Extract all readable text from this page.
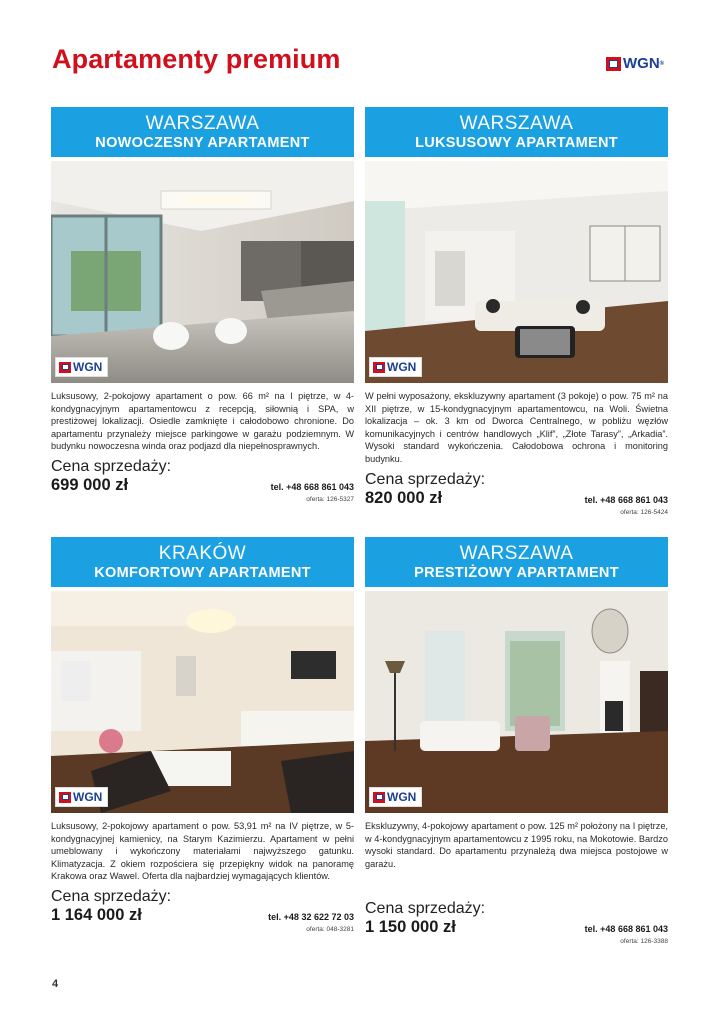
Apartamenty premium	WGN ®
WARSZAWA
NOWOCZESNY APARTAMENT
WGN

Luksusowy, 2-pokojowy apartament o pow. 66 m² na I piętrze, w 4-kondygnacyjnym apartamentowcu z recepcją, siłownią i SPA, w prestiżowej lokalizacji. Osiedle zamknięte i całodobowo chronione. Do apartamentu przynależy miejsce parkingowe w garażu podziemnym. W budynku nowoczesna winda oraz podjazd dla niepełnosprawnych.

Cena sprzedaży:
699 000 zł	tel. +48 668 861 043
oferta: 126-5327
WARSZAWA
LUKSUSOWY APARTAMENT
WGN

W pełni wyposażony, ekskluzywny apartament (3 pokoje) o pow. 75 m² na XII piętrze, w 15-kondygnacyjnym apartamentowcu, na Woli. Świetna lokalizacja – ok. 3 km od Dworca Centralnego, w pobliżu węzłów komunikacyjnych i centrów handlowych „Klif”, „Złote Tarasy”, „Arkadia”. Wysoki standard wykończenia. Całodobowa ochrona i monitoring budynku.

Cena sprzedaży:
820 000 zł	tel. +48 668 861 043
oferta: 126-5424
KRAKÓW
KOMFORTOWY APARTAMENT
WGN

Luksusowy, 2-pokojowy apartament o pow. 53,91 m² na IV piętrze, w 5-kondygnacyjnej kamienicy, na Starym Kazimierzu. Apartament w pełni umeblowany i wykończony materiałami najwyższego gatunku. Klimatyzacja. Z okiem rozpościera się przepiękny widok na panoramę Krakowa oraz Wawel. Oferta dla najbardziej wymagających klientów.

Cena sprzedaży:
1 164 000 zł	tel. +48 32 622 72 03
oferta: 048-3281
WARSZAWA
PRESTIŻOWY APARTAMENT
WGN

Ekskluzywny, 4-pokojowy apartament o pow. 125 m² położony na I piętrze, w 4-kondygnacyjnym apartamentowcu z 1995 roku, na Mokotowie. Bardzo wysoki standard. Do apartamentu przynależą dwa miejsca postojowe w garażu.

Cena sprzedaży:
1 150 000 zł	tel. +48 668 861 043
oferta: 126-3388
4
